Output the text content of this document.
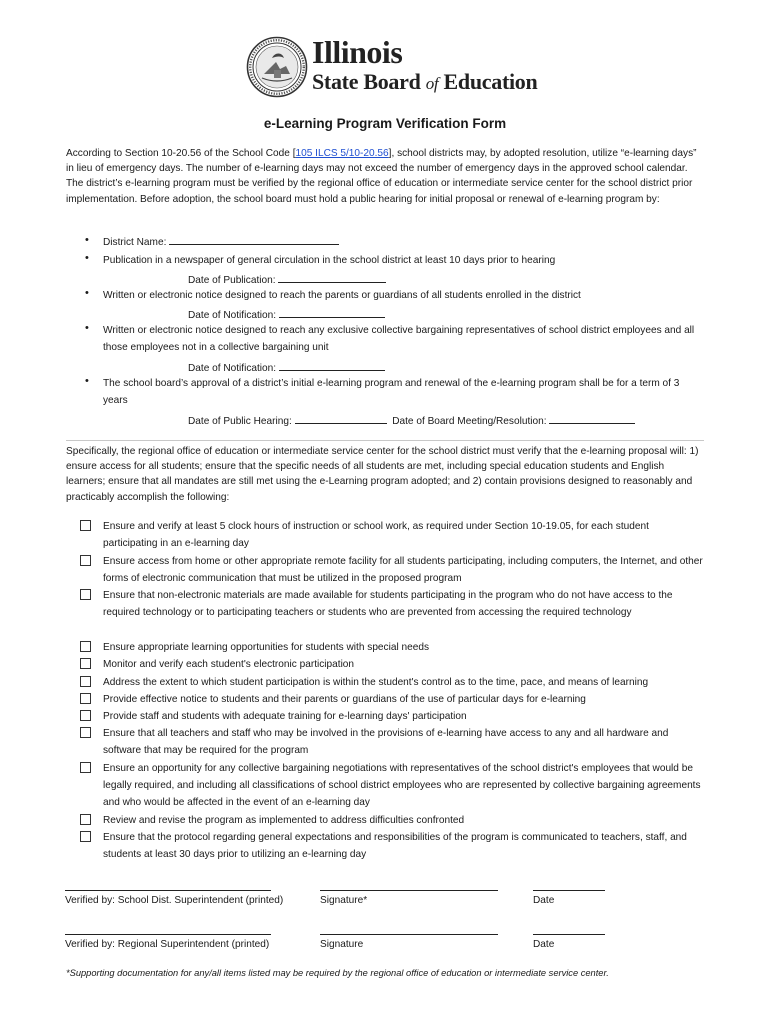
Illinois
State Board of Education
e-Learning Program Verification Form
According to Section 10-20.56 of the School Code [105 ILCS 5/10-20.56], school districts may, by adopted resolution, utilize “e-learning days” in lieu of emergency days. The number of e-learning days may not exceed the number of emergency days in the approved school calendar. The district’s e-learning program must be verified by the regional office of education or intermediate service center for the school district prior implementation. Before adoption, the school board must hold a public hearing for initial proposal or renewal of e-learning program by:
• District Name:
• Publication in a newspaper of general circulation in the school district at least 10 days prior to hearing
Date of Publication:
• Written or electronic notice designed to reach the parents or guardians of all students enrolled in the district
Date of Notification:
• Written or electronic notice designed to reach any exclusive collective bargaining representatives of school district employees and all those employees not in a collective bargaining unit
Date of Notification:
• The school board’s approval of a district’s initial e-learning program and renewal of the e-learning program shall be for a term of 3 years
Date of Public Hearing:	Date of Board Meeting/Resolution:
Specifically, the regional office of education or intermediate service center for the school district must verify that the e-learning proposal will: 1) ensure access for all students; ensure that the specific needs of all students are met, including special education students and English learners; ensure that all mandates are still met using the e-Learning program adopted; and 2) contain provisions designed to reasonably and practicably accomplish the following:
Ensure and verify at least 5 clock hours of instruction or school work, as required under Section 10-19.05, for each student participating in an e-learning day
Ensure access from home or other appropriate remote facility for all students participating, including computers, the Internet, and other forms of electronic communication that must be utilized in the proposed program
Ensure that non-electronic materials are made available for students participating in the program who do not have access to the required technology or to participating teachers or students who are prevented from accessing the required technology
Ensure appropriate learning opportunities for students with special needs
Monitor and verify each student's electronic participation
Address the extent to which student participation is within the student's control as to the time, pace, and means of learning
Provide effective notice to students and their parents or guardians of the use of particular days for e-learning
Provide staff and students with adequate training for e-learning days' participation
Ensure that all teachers and staff who may be involved in the provisions of e-learning have access to any and all hardware and software that may be required for the program
Ensure an opportunity for any collective bargaining negotiations with representatives of the school district's employees that would be legally required, and including all classifications of school district employees who are represented by collective bargaining agreements and who would be affected in the event of an e-learning day
Review and revise the program as implemented to address difficulties confronted
Ensure that the protocol regarding general expectations and responsibilities of the program is communicated to teachers, staff, and students at least 30 days prior to utilizing an e-learning day
Verified by: School Dist. Superintendent (printed)	Signature*	Date
Verified by: Regional Superintendent (printed)	Signature	Date
*Supporting documentation for any/all items listed may be required by the regional office of education or intermediate service center.
